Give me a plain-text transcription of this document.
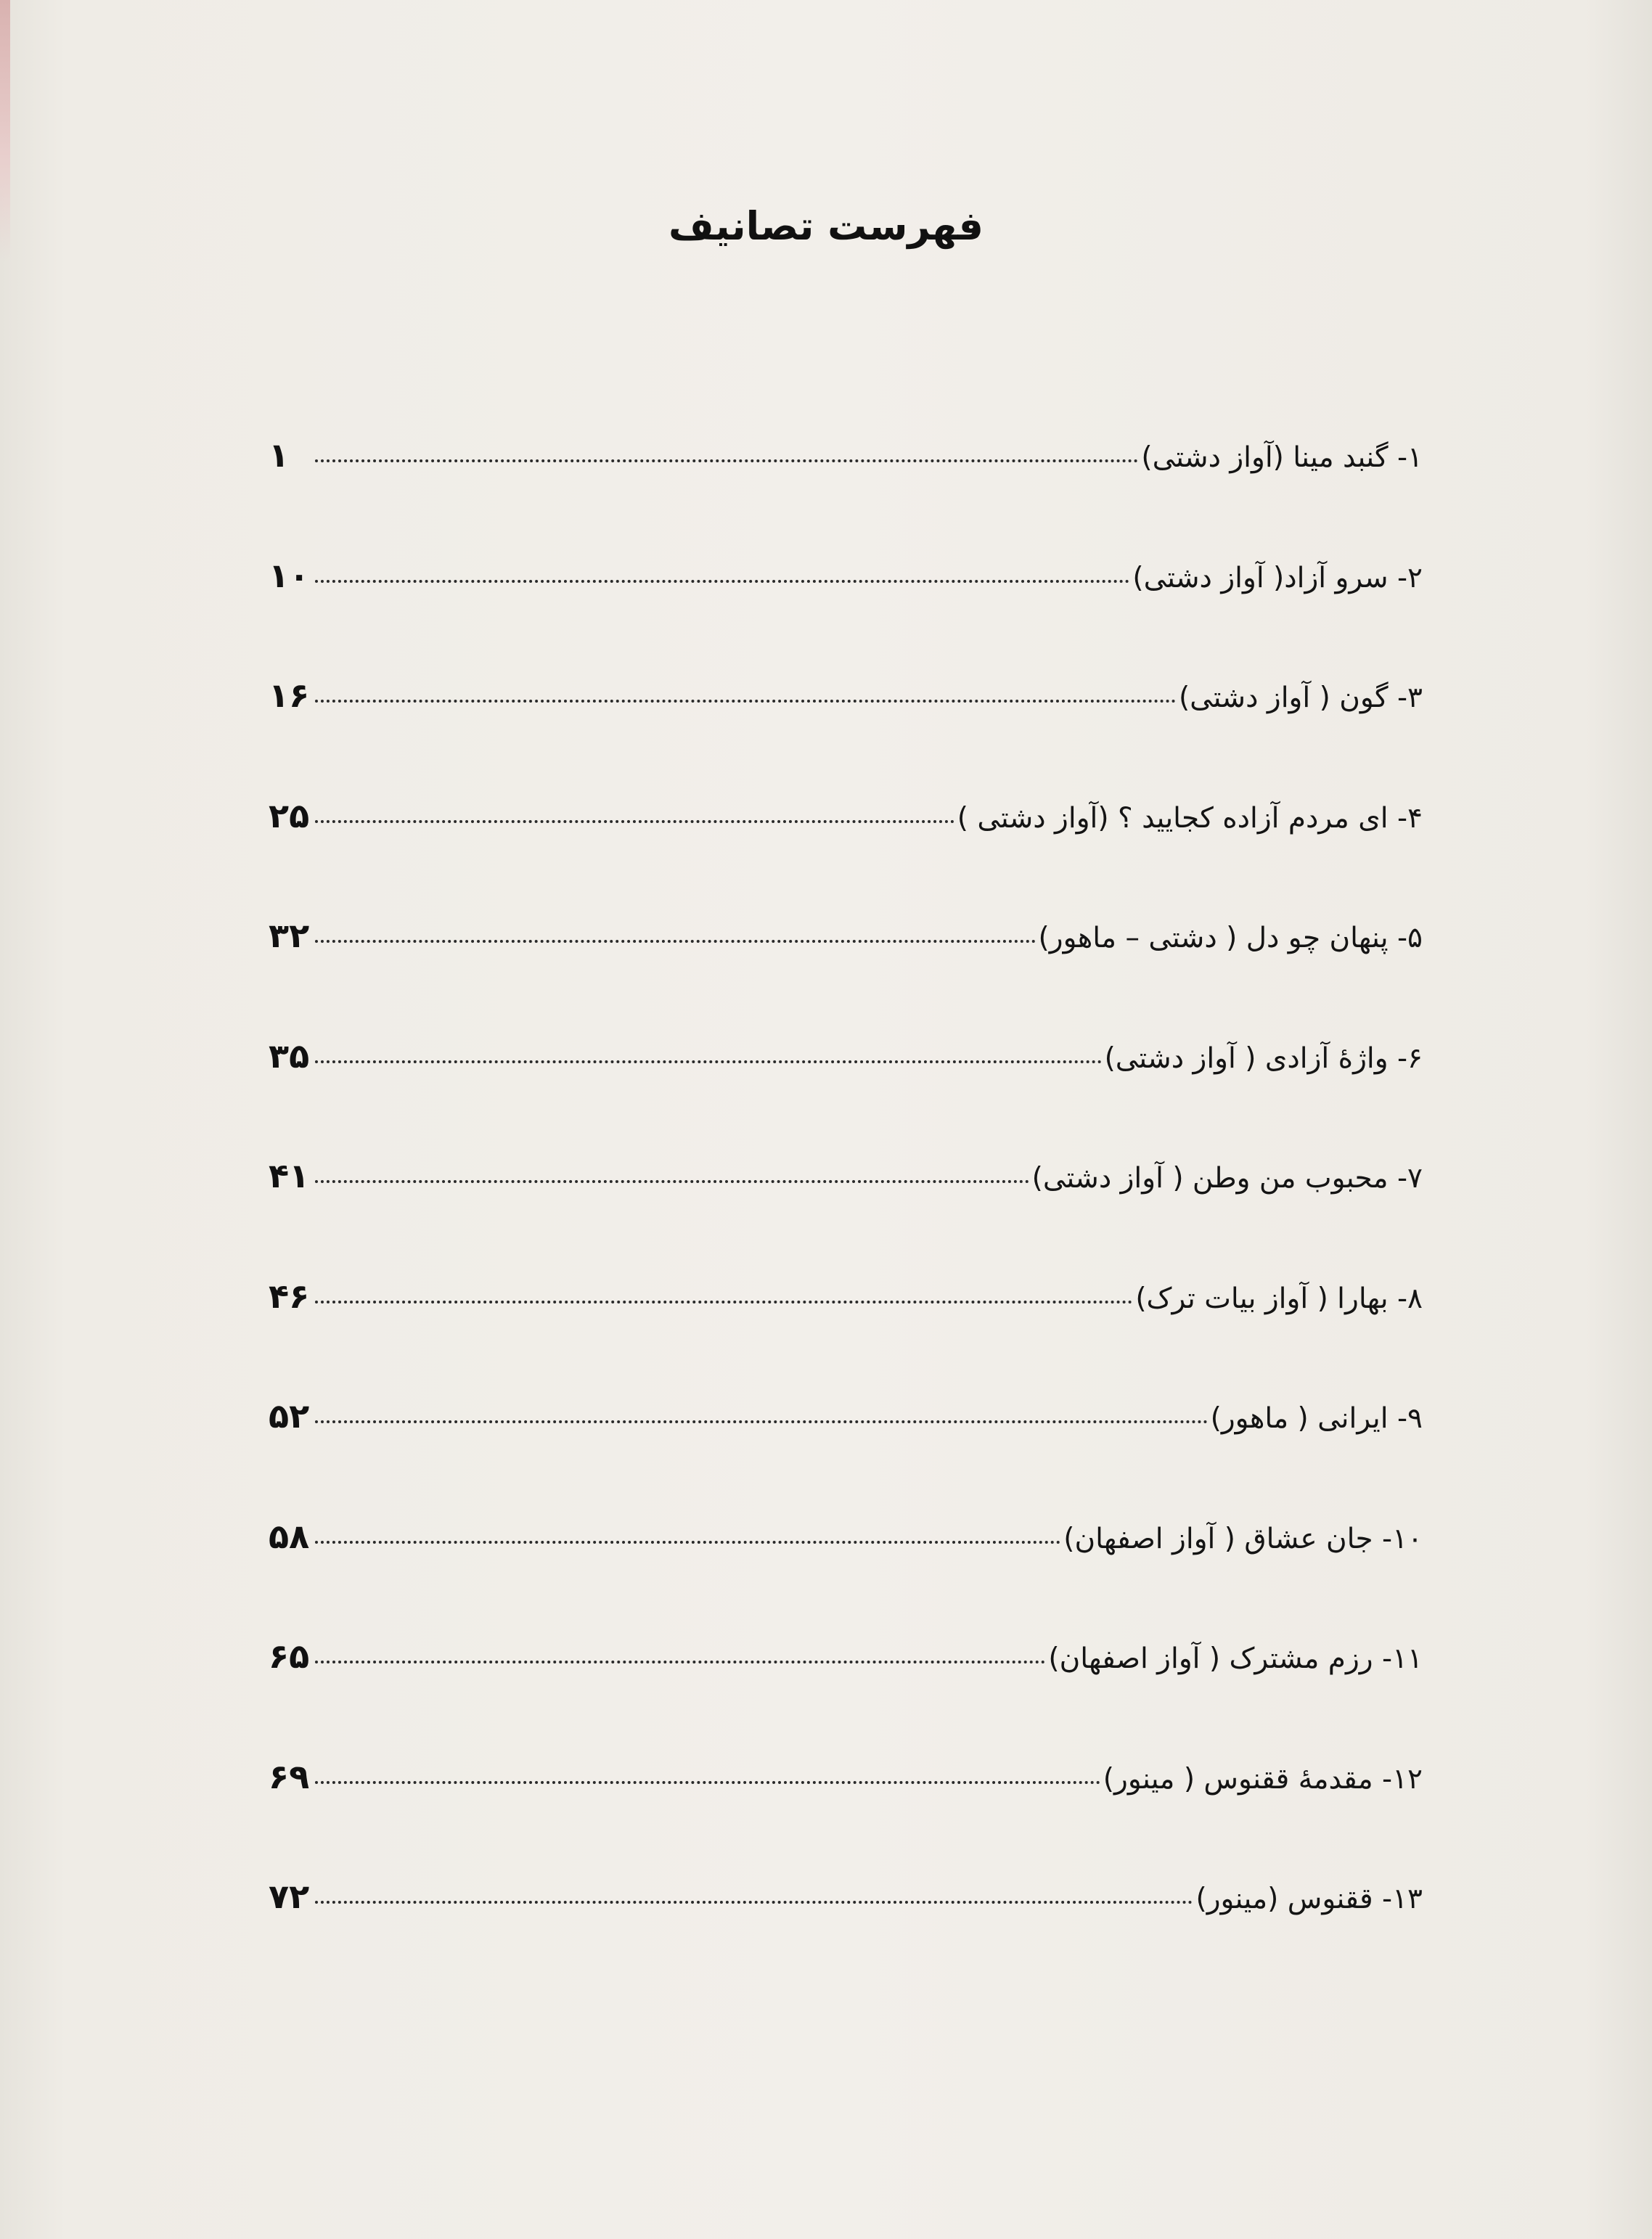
فهرست تصانیف
۱- گنبد مینا (آواز دشتی)
۱
۲- سرو آزاد( آواز دشتی)
۱۰
۳- گون ( آواز دشتی)
۱۶
۴- ای مردم آزاده کجایید ؟ (آواز دشتی )
۲۵
۵- پنهان چو دل ( دشتی – ماهور)
۳۲
۶- واژهٔ آزادی ( آواز دشتی)
۳۵
۷- محبوب من وطن ( آواز دشتی)
۴۱
۸- بهارا ( آواز بیات ترک)
۴۶
۹- ایرانی ( ماهور)
۵۲
۱۰- جان عشاق ( آواز اصفهان)
۵۸
۱۱- رزم مشترک ( آواز اصفهان)
۶۵
۱۲- مقدمهٔ ققنوس ( مینور)
۶۹
۱۳- ققنوس (مینور)
۷۲
